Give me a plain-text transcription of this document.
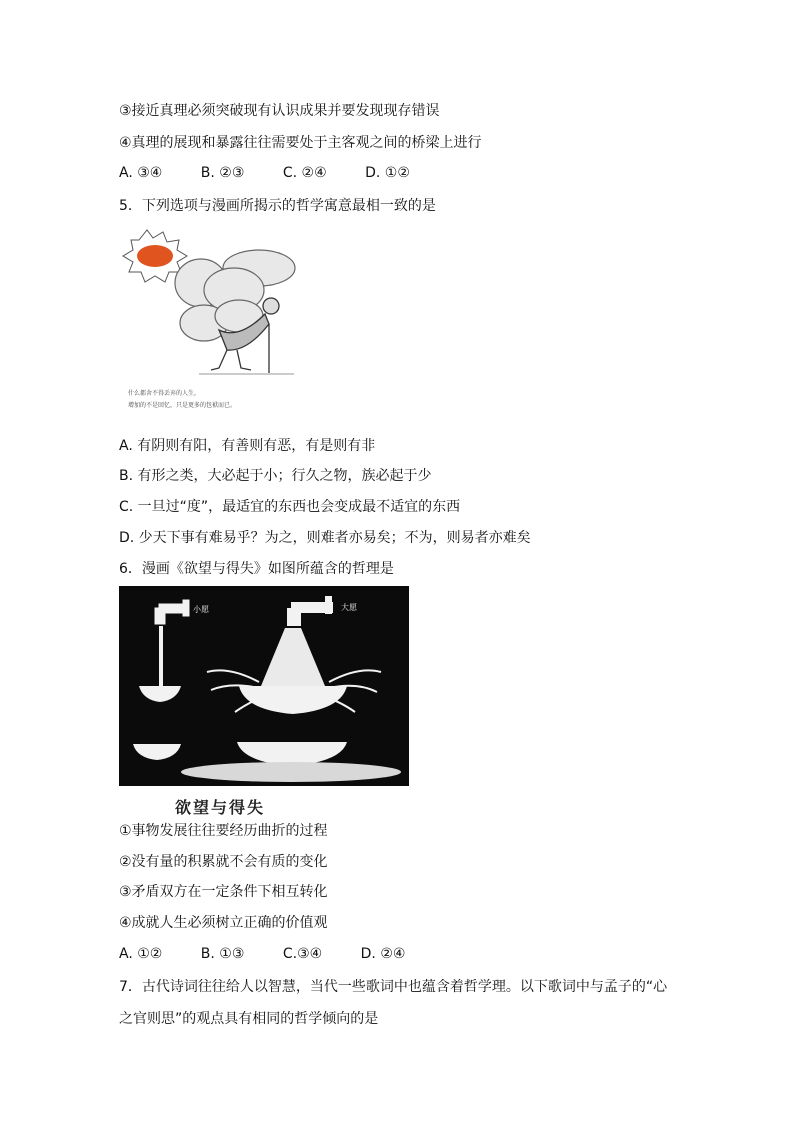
③接近真理必须突破现有认识成果并要发现现存错误
④真理的展现和暴露往往需要处于主客观之间的桥梁上进行
A. ③④	B. ②③	C. ②④	D. ①②
5．下列选项与漫画所揭示的哲学寓意最相一致的是
什么都舍不得丢弃的人生，
增加的不是回忆，只是更多的包袱而已。
A. 有阴则有阳，有善则有恶，有是则有非
B. 有形之类，大必起于小；行久之物，族必起于少
C. 一旦过“度”，最适宜的东西也会变成最不适宜的东西
D. 少天下事有难易乎？为之，则难者亦易矣；不为，则易者亦难矣
6．漫画《欲望与得失》如图所蕴含的哲理是
小愿	大愿
欲望与得失
①事物发展往往要经历曲折的过程
②没有量的积累就不会有质的变化
③矛盾双方在一定条件下相互转化
④成就人生必须树立正确的价值观
A. ①②	B. ①③	C.③④	D. ②④
7．古代诗词往往给人以智慧，当代一些歌词中也蕴含着哲学理。以下歌词中与孟子的“心
之官则思”的观点具有相同的哲学倾向的是
